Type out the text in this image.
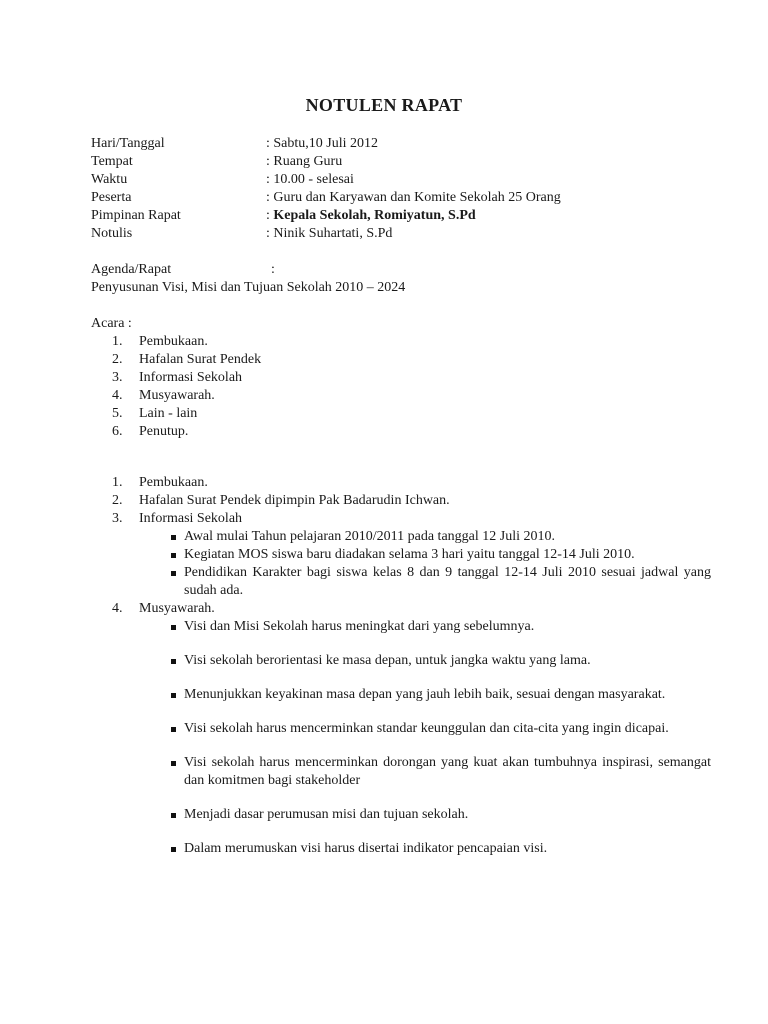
NOTULEN RAPAT
Hari/Tanggal	: Sabtu,10 Juli 2012
Tempat	: Ruang Guru
Waktu	: 10.00 - selesai
Peserta	: Guru dan Karyawan dan Komite Sekolah 25 Orang
Pimpinan Rapat	: Kepala Sekolah, Romiyatun, S.Pd
Notulis	: Ninik Suhartati, S.Pd
Agenda/Rapat	:
Penyusunan Visi, Misi dan Tujuan Sekolah 2010 – 2024
Acara :
1. Pembukaan.
2. Hafalan Surat Pendek
3. Informasi Sekolah
4. Musyawarah.
5. Lain - lain
6. Penutup.
1. Pembukaan.
2. Hafalan Surat Pendek dipimpin Pak Badarudin Ichwan.
3. Informasi Sekolah
Awal mulai Tahun pelajaran 2010/2011 pada tanggal 12 Juli 2010.
Kegiatan MOS siswa baru diadakan selama 3 hari yaitu tanggal 12-14 Juli 2010.
Pendidikan Karakter bagi siswa kelas 8 dan 9 tanggal 12-14 Juli 2010 sesuai jadwal yang sudah ada.
4. Musyawarah.
Visi dan Misi Sekolah harus meningkat dari yang sebelumnya.
Visi sekolah berorientasi ke masa depan, untuk jangka waktu yang lama.
Menunjukkan keyakinan masa depan yang jauh lebih baik, sesuai dengan masyarakat.
Visi sekolah harus mencerminkan standar keunggulan dan cita-cita yang ingin dicapai.
Visi sekolah harus mencerminkan dorongan yang kuat akan tumbuhnya inspirasi, semangat dan komitmen bagi stakeholder
Menjadi dasar perumusan misi dan tujuan sekolah.
Dalam merumuskan visi harus disertai indikator pencapaian visi.
